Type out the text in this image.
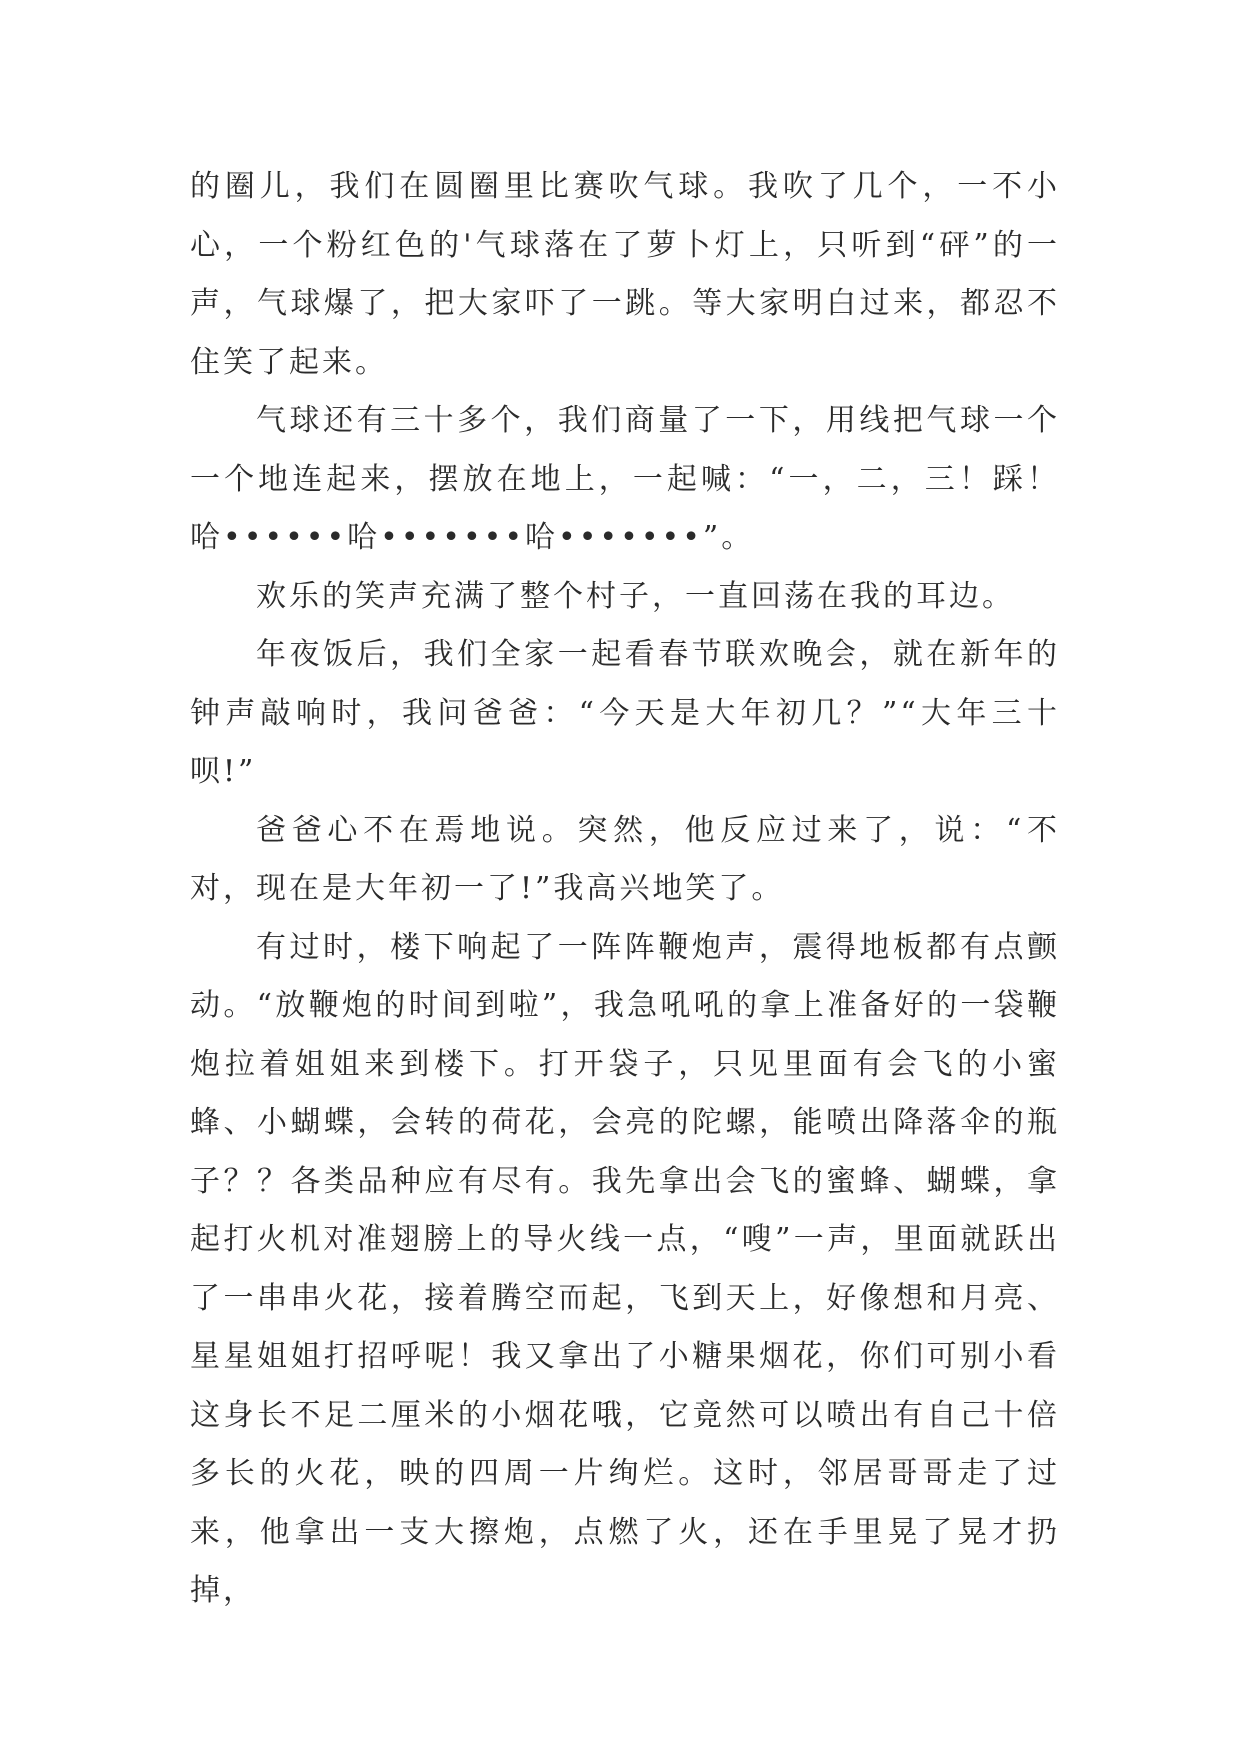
的圈儿，我们在圆圈里比赛吹气球。我吹了几个，一不小心，一个粉红色的'气球落在了萝卜灯上，只听到“砰”的一声，气球爆了，把大家吓了一跳。等大家明白过来，都忍不住笑了起来。

气球还有三十多个，我们商量了一下，用线把气球一个一个地连起来，摆放在地上，一起喊：“一，二，三！踩！哈••••••哈•••••••哈•••••••”。

欢乐的笑声充满了整个村子，一直回荡在我的耳边。

年夜饭后，我们全家一起看春节联欢晚会，就在新年的钟声敲响时，我问爸爸：“今天是大年初几？”“大年三十呗!”

爸爸心不在焉地说。突然，他反应过来了，说：“不对，现在是大年初一了!”我高兴地笑了。

有过时，楼下响起了一阵阵鞭炮声，震得地板都有点颤动。“放鞭炮的时间到啦”，我急吼吼的拿上准备好的一袋鞭炮拉着姐姐来到楼下。打开袋子，只见里面有会飞的小蜜蜂、小蝴蝶，会转的荷花，会亮的陀螺，能喷出降落伞的瓶子？？各类品种应有尽有。我先拿出会飞的蜜蜂、蝴蝶，拿起打火机对准翅膀上的导火线一点，“嗖”一声，里面就跃出了一串串火花，接着腾空而起，飞到天上，好像想和月亮、星星姐姐打招呼呢！我又拿出了小糖果烟花，你们可别小看这身长不足二厘米的小烟花哦，它竟然可以喷出有自己十倍多长的火花，映的四周一片绚烂。这时，邻居哥哥走了过来，他拿出一支大擦炮，点燃了火，还在手里晃了晃才扔掉，
